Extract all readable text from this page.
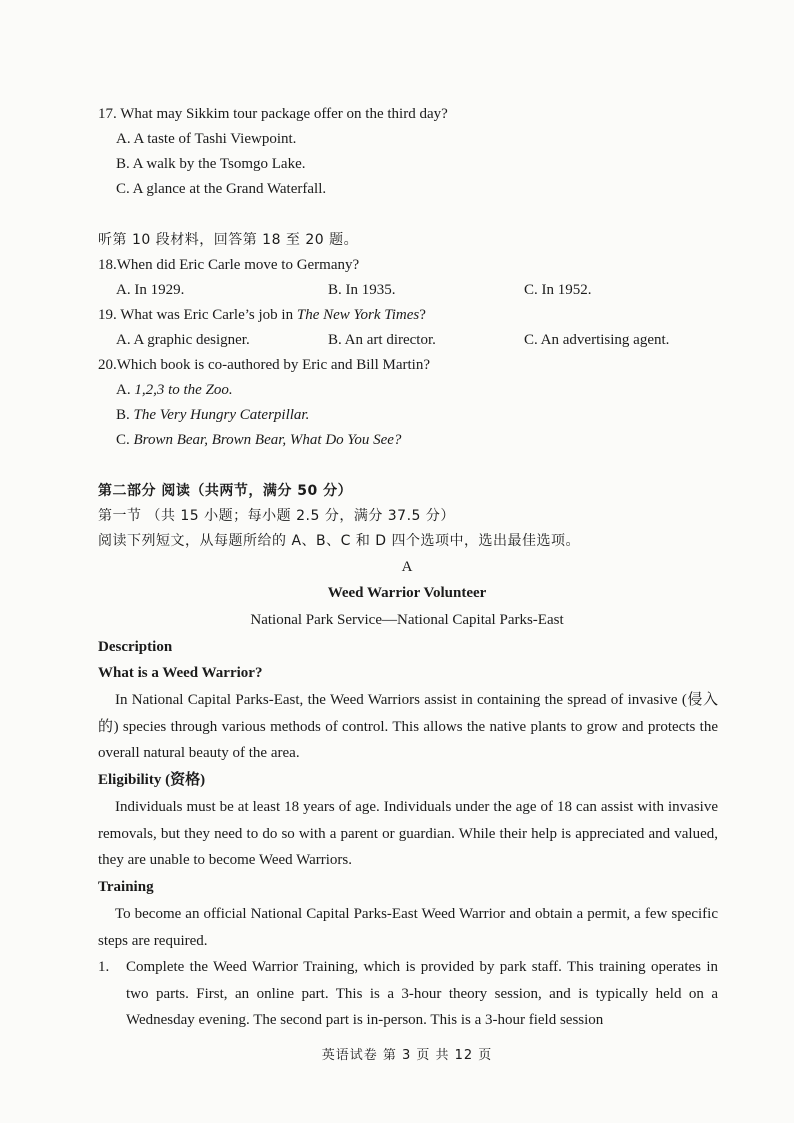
17. What may Sikkim tour package offer on the third day?
A. A taste of Tashi Viewpoint.
B. A walk by the Tsomgo Lake.
C. A glance at the Grand Waterfall.
听第 10 段材料，回答第 18 至 20 题。
18.When did Eric Carle move to Germany?
A. In 1929.	B. In 1935.	C. In 1952.
19. What was Eric Carle’s job in The New York Times?
A. A graphic designer.	B. An art director.	C. An advertising agent.
20.Which book is co-authored by Eric and Bill Martin?
A. 1,2,3 to the Zoo.
B. The Very Hungry Caterpillar.
C. Brown Bear, Brown Bear, What Do You See?
第二部分 阅读（共两节，满分 50 分）
第一节 （共 15 小题；每小题 2.5 分，满分 37.5 分）
阅读下列短文，从每题所给的 A、B、C 和 D 四个选项中，选出最佳选项。
A
Weed Warrior Volunteer
National Park Service—National Capital Parks-East
Description
What is a Weed Warrior?
In National Capital Parks-East, the Weed Warriors assist in containing the spread of invasive (侵入的) species through various methods of control. This allows the native plants to grow and protects the overall natural beauty of the area.
Eligibility (资格)
Individuals must be at least 18 years of age. Individuals under the age of 18 can assist with invasive removals, but they need to do so with a parent or guardian. While their help is appreciated and valued, they are unable to become Weed Warriors.
Training
To become an official National Capital Parks-East Weed Warrior and obtain a permit, a few specific steps are required.
1. Complete the Weed Warrior Training, which is provided by park staff. This training operates in two parts. First, an online part. This is a 3-hour theory session, and is typically held on a Wednesday evening. The second part is in-person. This is a 3-hour field session
英语试卷 第 3 页 共 12 页
